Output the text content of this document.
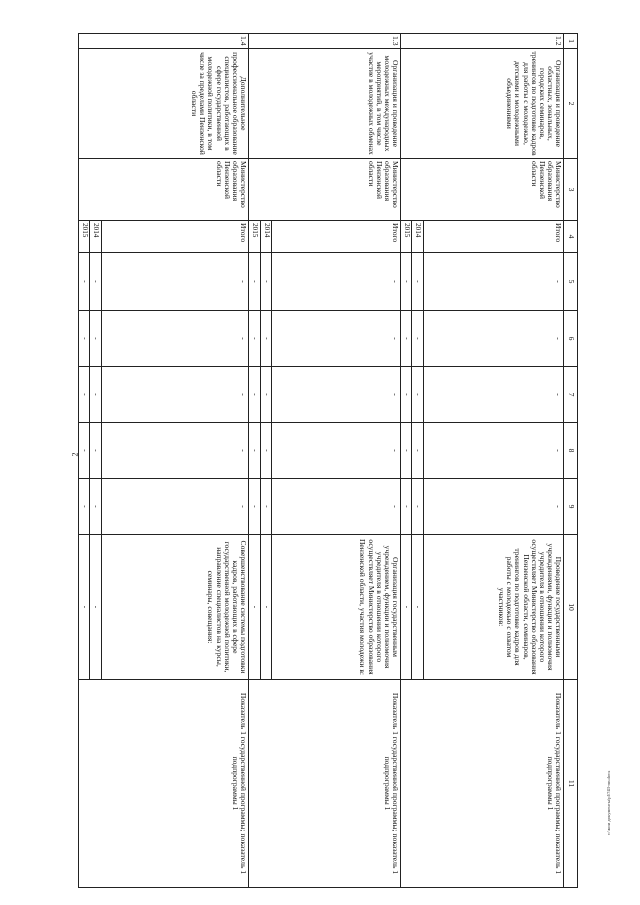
2
1	2	3	4	5	6	7	8	9	10	11
1.2	Организация и проведение областных, зональных, городских семинаров, тренингов по подготовке кадров для работы с молодежью, детскими и молодежными объединениями	Министерство образования Пензенской области	Итого	-	-	-	-	-	Проведение государственными учреждениями, функции и полномочия учредителя в отношении которого осуществляет Министерство образования Пензенской области, семинаров, тренингов по подготовке кадров для работы с молодежью с охватом участников:	Показатель 1 государственной программы; показатель 1 подпрограммы 1
			2014	-	-	-	-	-	-	
			2015	-	-	-	-	-	-	
1.3	Организация и проведение молодежных международных мероприятий, в том числе участие в молодежных обменах	Министерство образования Пензенской области	Итого	-	-	-	-	-	Организация государственным учреждением, функции и полномочия учредителя в отношении которого осуществляет Министерство образования Пензенской области, участия молодежи в:	Показатель 1 государственной программы; показатель 1 подпрограммы 1
			2014	-	-	-	-	-	-	
			2015	-	-	-	-	-	-	
1.4	Дополнительное профессиональное образование специалистов, работающих в сфере государственной молодежной политики, в том числе за пределами Пензенской области	Министерство образования Пензенской области	Итого	-	-	-	-	-	Совершенствование системы подготовки кадров, работающих в сфере государственной молодежной политики, направление специалистов на курсы, семинары, совещания:	Показатель 1 государственной программы; показатель 1 подпрограммы 1
			2014	-	-	-	-	-	-	
			2015	-	-	-	-	-	-	
c:\мои документы\pl\743-пп.docx
